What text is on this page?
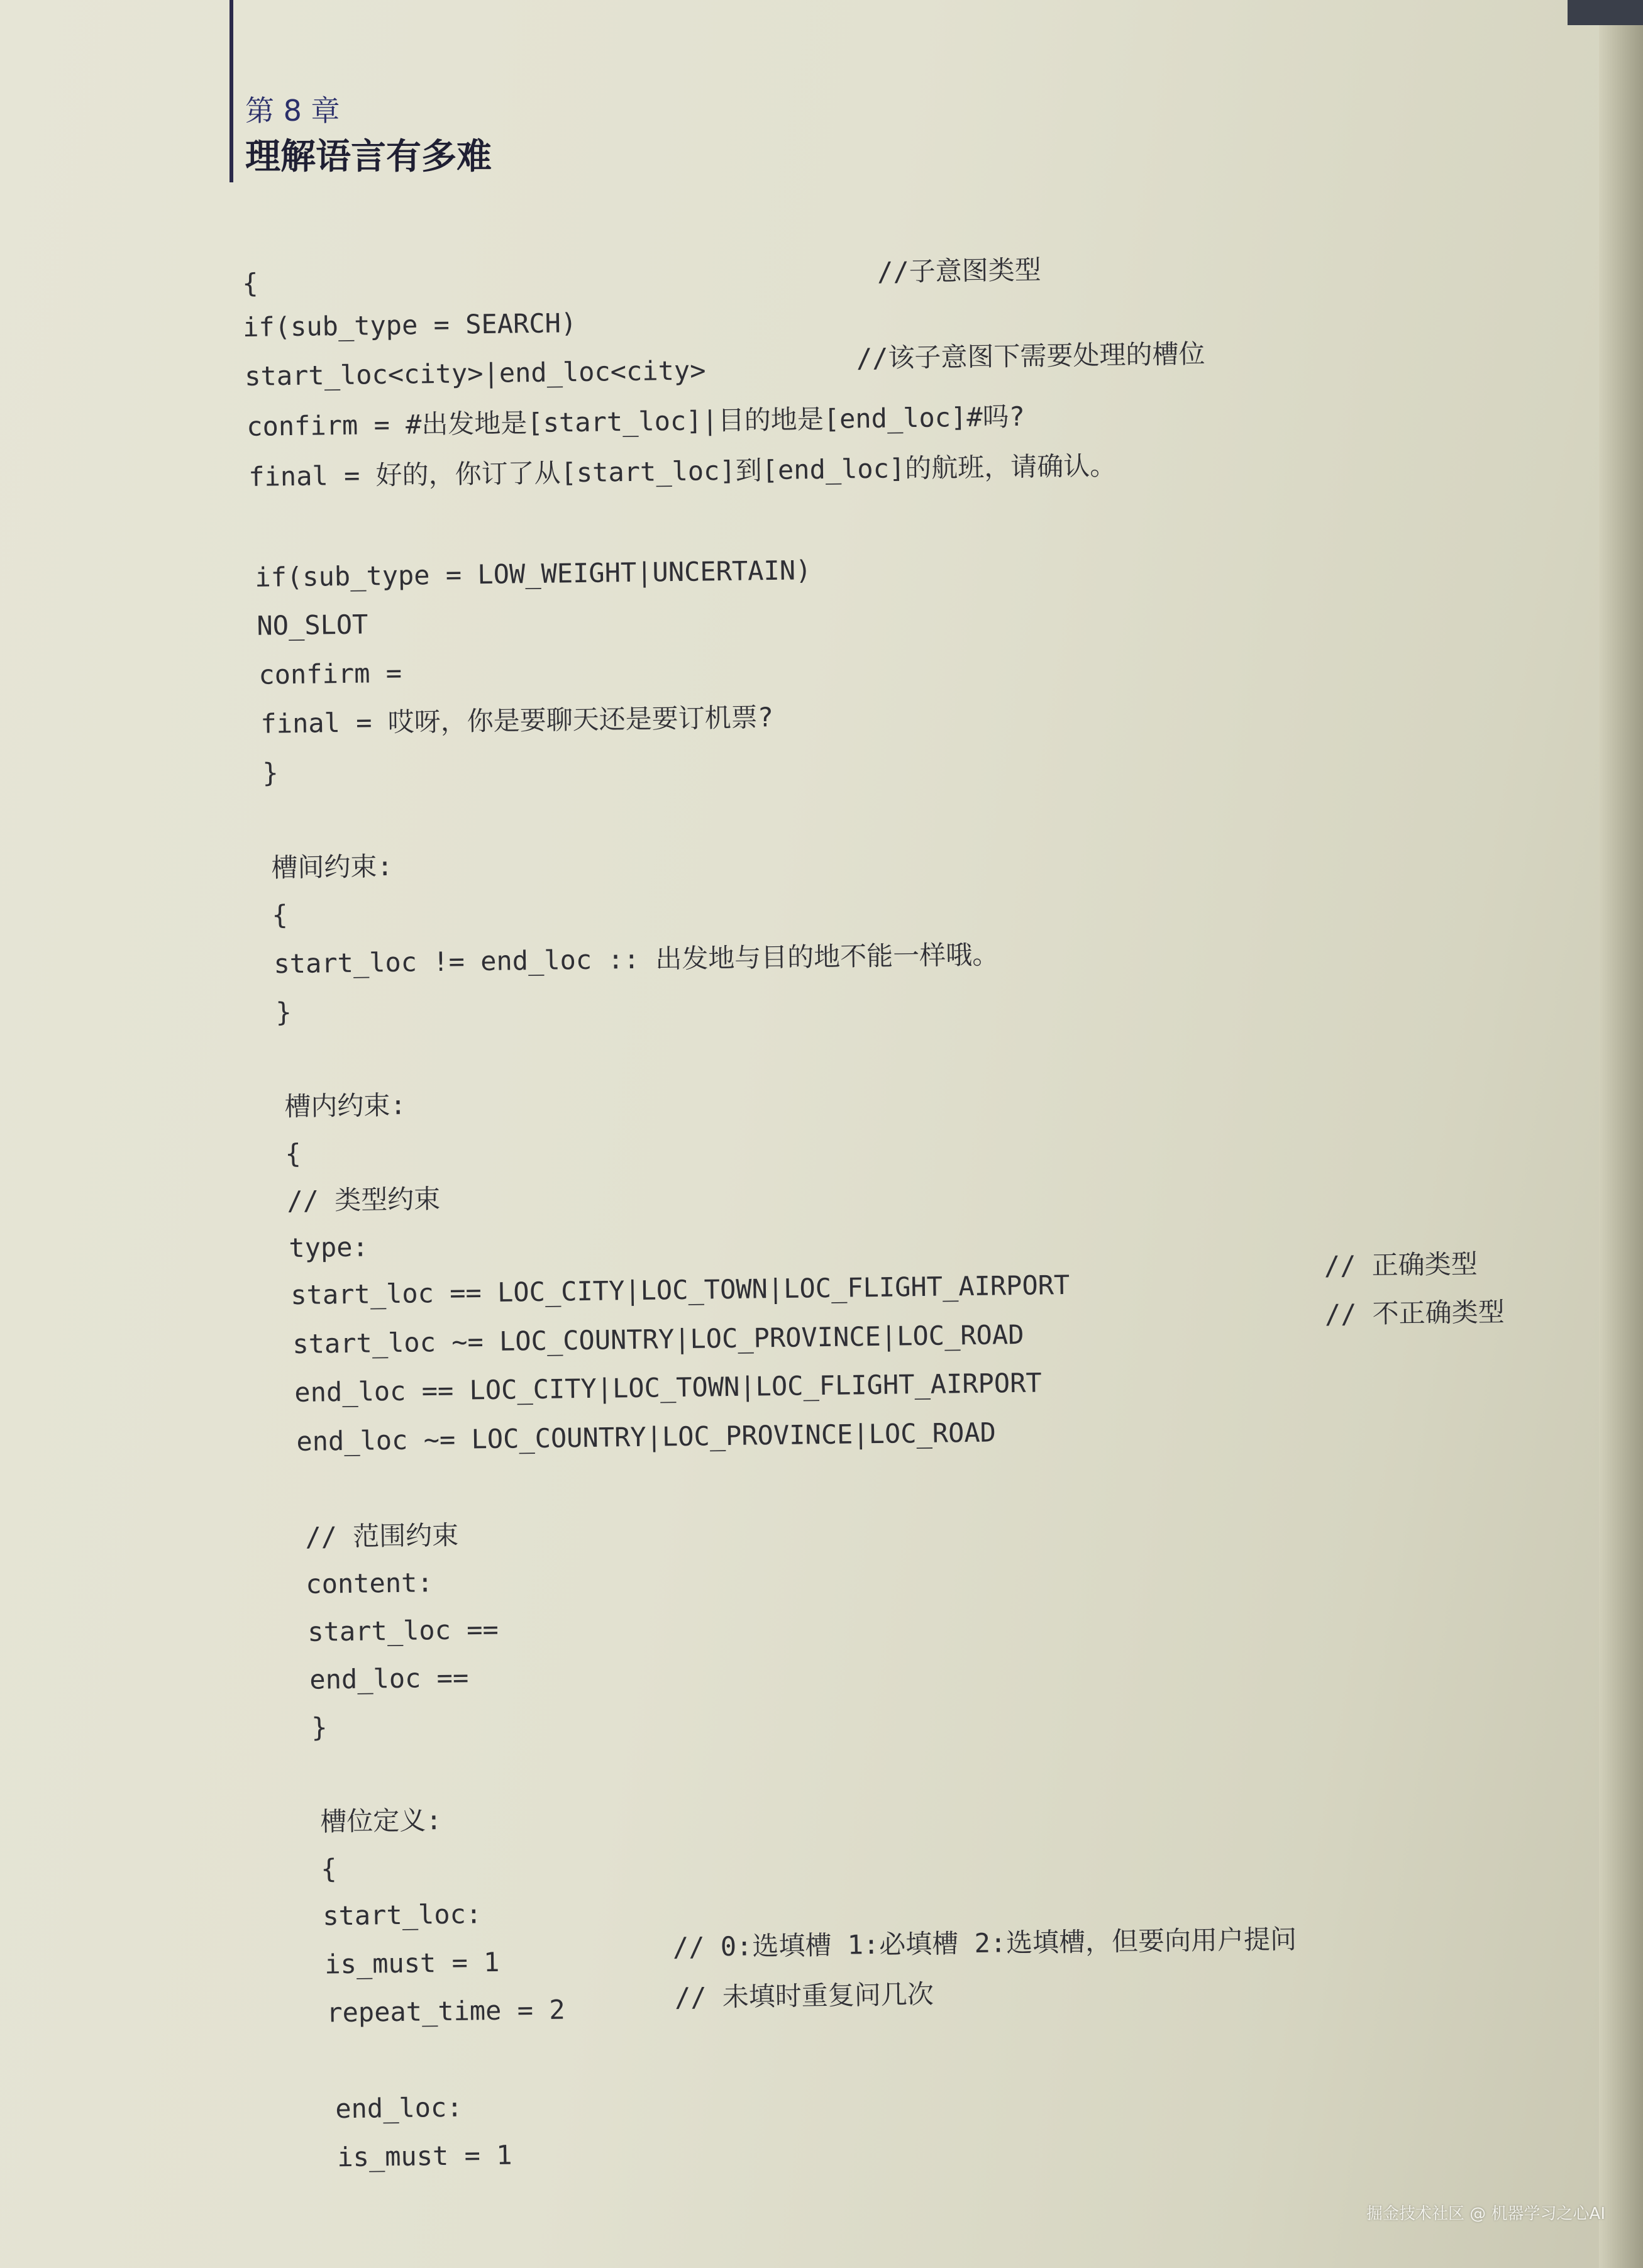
第 8 章
理解语言有多难
{	//子意图类型
if(sub_type = SEARCH)
start_loc<city>|end_loc<city>	//该子意图下需要处理的槽位
confirm = #出发地是[start_loc]|目的地是[end_loc]#吗?
final = 好的，你订了从[start_loc]到[end_loc]的航班，请确认。
if(sub_type = LOW_WEIGHT|UNCERTAIN)
NO_SLOT
confirm =
final = 哎呀，你是要聊天还是要订机票?
}
槽间约束:
{
start_loc != end_loc :: 出发地与目的地不能一样哦。
}
槽内约束:
{
// 类型约束
type:
start_loc == LOC_CITY|LOC_TOWN|LOC_FLIGHT_AIRPORT
// 正确类型
start_loc ~= LOC_COUNTRY|LOC_PROVINCE|LOC_ROAD
// 不正确类型
end_loc == LOC_CITY|LOC_TOWN|LOC_FLIGHT_AIRPORT
end_loc ~= LOC_COUNTRY|LOC_PROVINCE|LOC_ROAD
// 范围约束
content:
start_loc ==
end_loc ==
}
槽位定义:
{
start_loc:
is_must = 1
// 0:选填槽 1:必填槽 2:选填槽，但要向用户提问
repeat_time = 2	// 未填时重复问几次
end_loc:
is_must = 1
掘金技术社区 @ 机器学习之心AI
